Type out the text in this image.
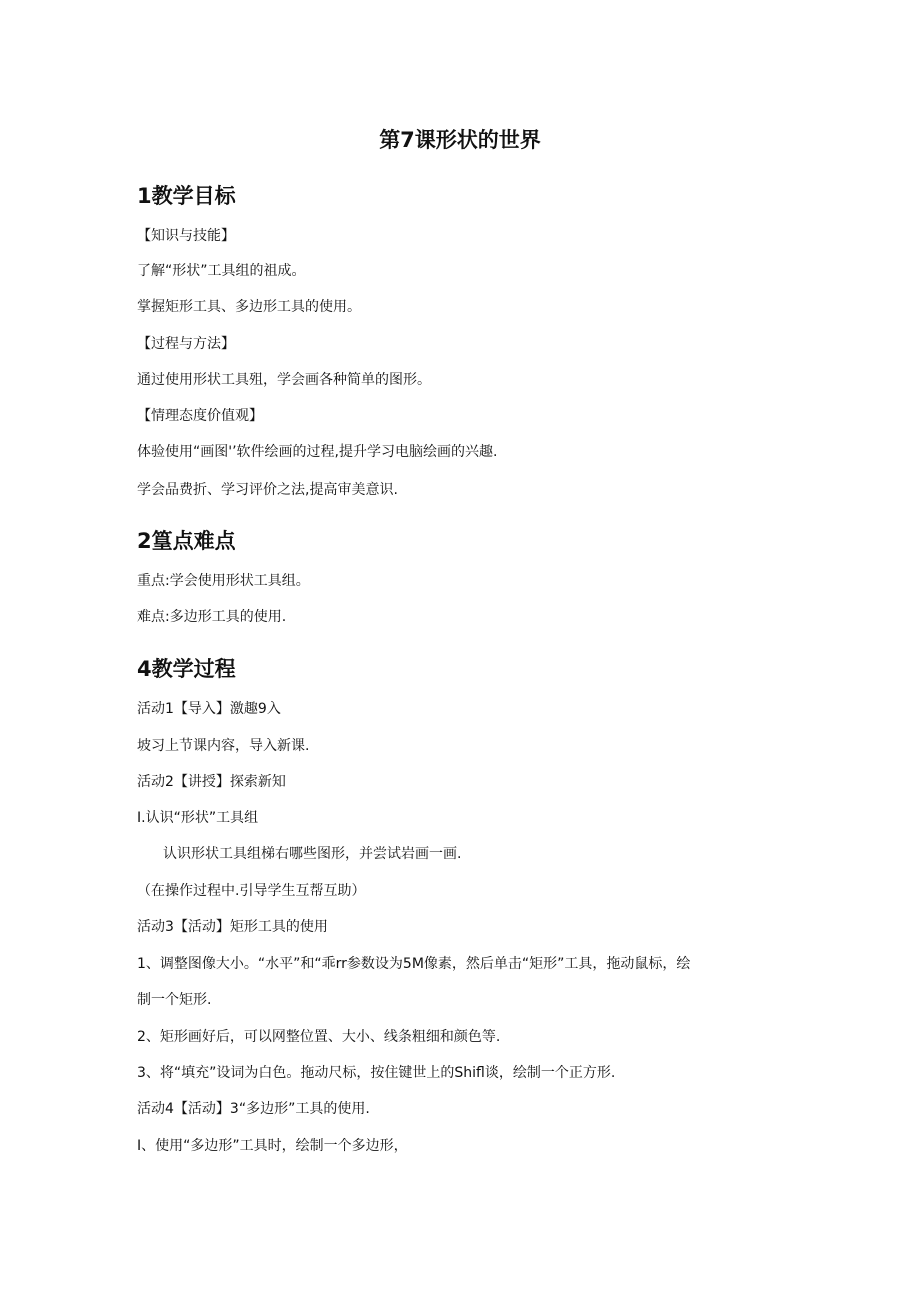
第7课形状的世界
1教学目标
【知识与技能】
了解“形状”工具组的祖成。
掌握矩形工具、多边形工具的使用。
【过程与方法】
通过使用形状工具殂，学会画各种简单的图形。
【情理态度价值观】
体验使用“画图'’软件绘画的过程,提升学习电脑绘画的兴趣.
学会品费折、学习评价之法,提高审美意识.
2篁点难点
重点:学会使用形状工具组。
难点:多边形工具的使用.
4教学过程
活动1【导入】激趣9入
坡习上节课内容，导入新课.
活动2【讲授】探索新知
I.认识“形状”工具组
认识形状工具组梯右哪些图形，并尝试岩画一画.
（在操作过程中.引导学生互帮互助）
活动3【活动】矩形工具的使用
1、调整图像大小。“水平”和“乖rr参数设为5M像素，然后单击“矩形”工具，拖动鼠标，绘
制一个矩形.
2、矩形画好后，可以网整位置、大小、线条粗细和颜色等.
3、将“填充”设词为白色。拖动尺标，按住键世上的Shifl谈，绘制一个正方形.
活动4【活动】3“多边形”工具的使用.
I、使用“多边形”工具时，绘制一个多边形，
